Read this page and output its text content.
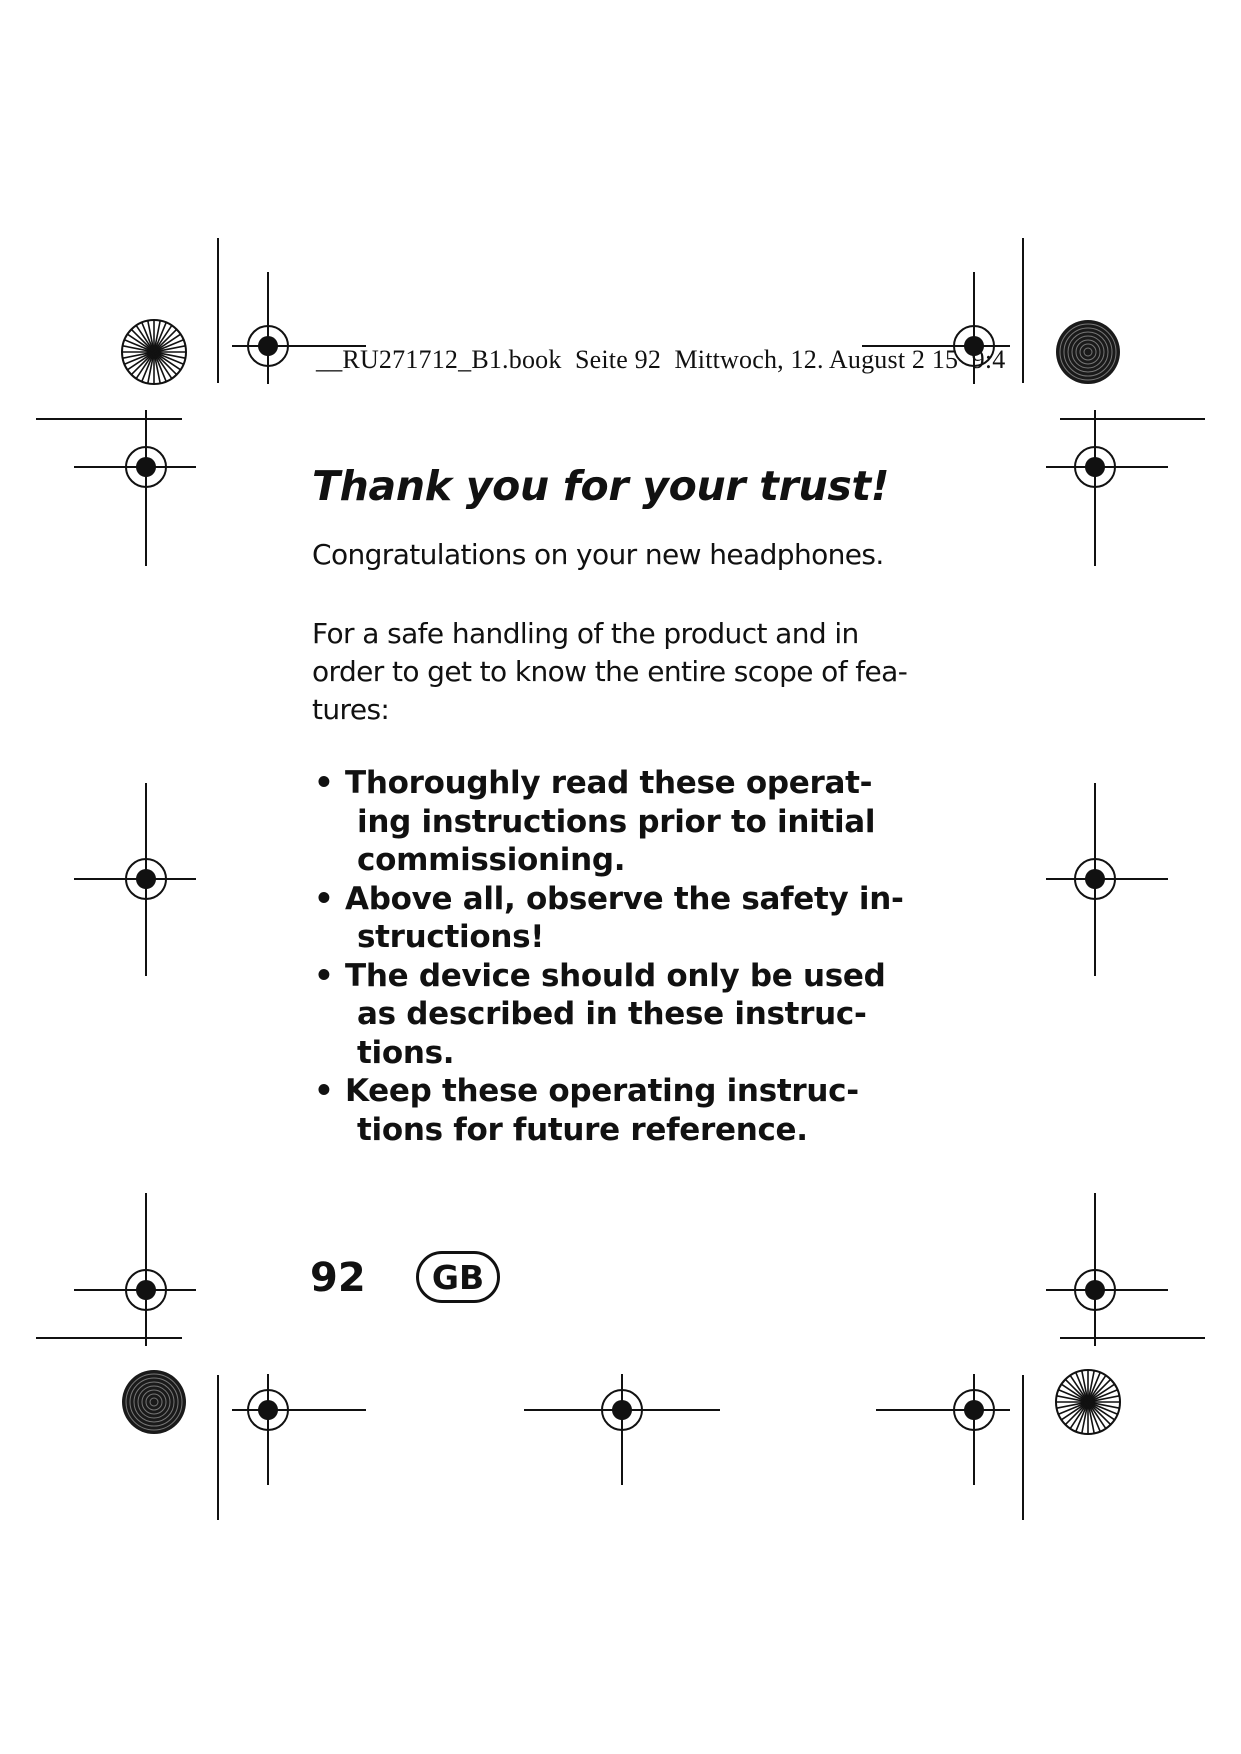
__RU271712_B1.book  Seite 92  Mittwoch, 12. August 2 15  9:4
Thank you for your trust!

Congratulations on your new headphones.

For a safe handling of the product and in
order to get to know the entire scope of fea-
tures:

• Thoroughly read these operat-
ing instructions prior to initial
commissioning.
• Above all, observe the safety in-
structions!
• The device should only be used
as described in these instruc-
tions.
• Keep these operating instruc-
tions for future reference.
92	GB
